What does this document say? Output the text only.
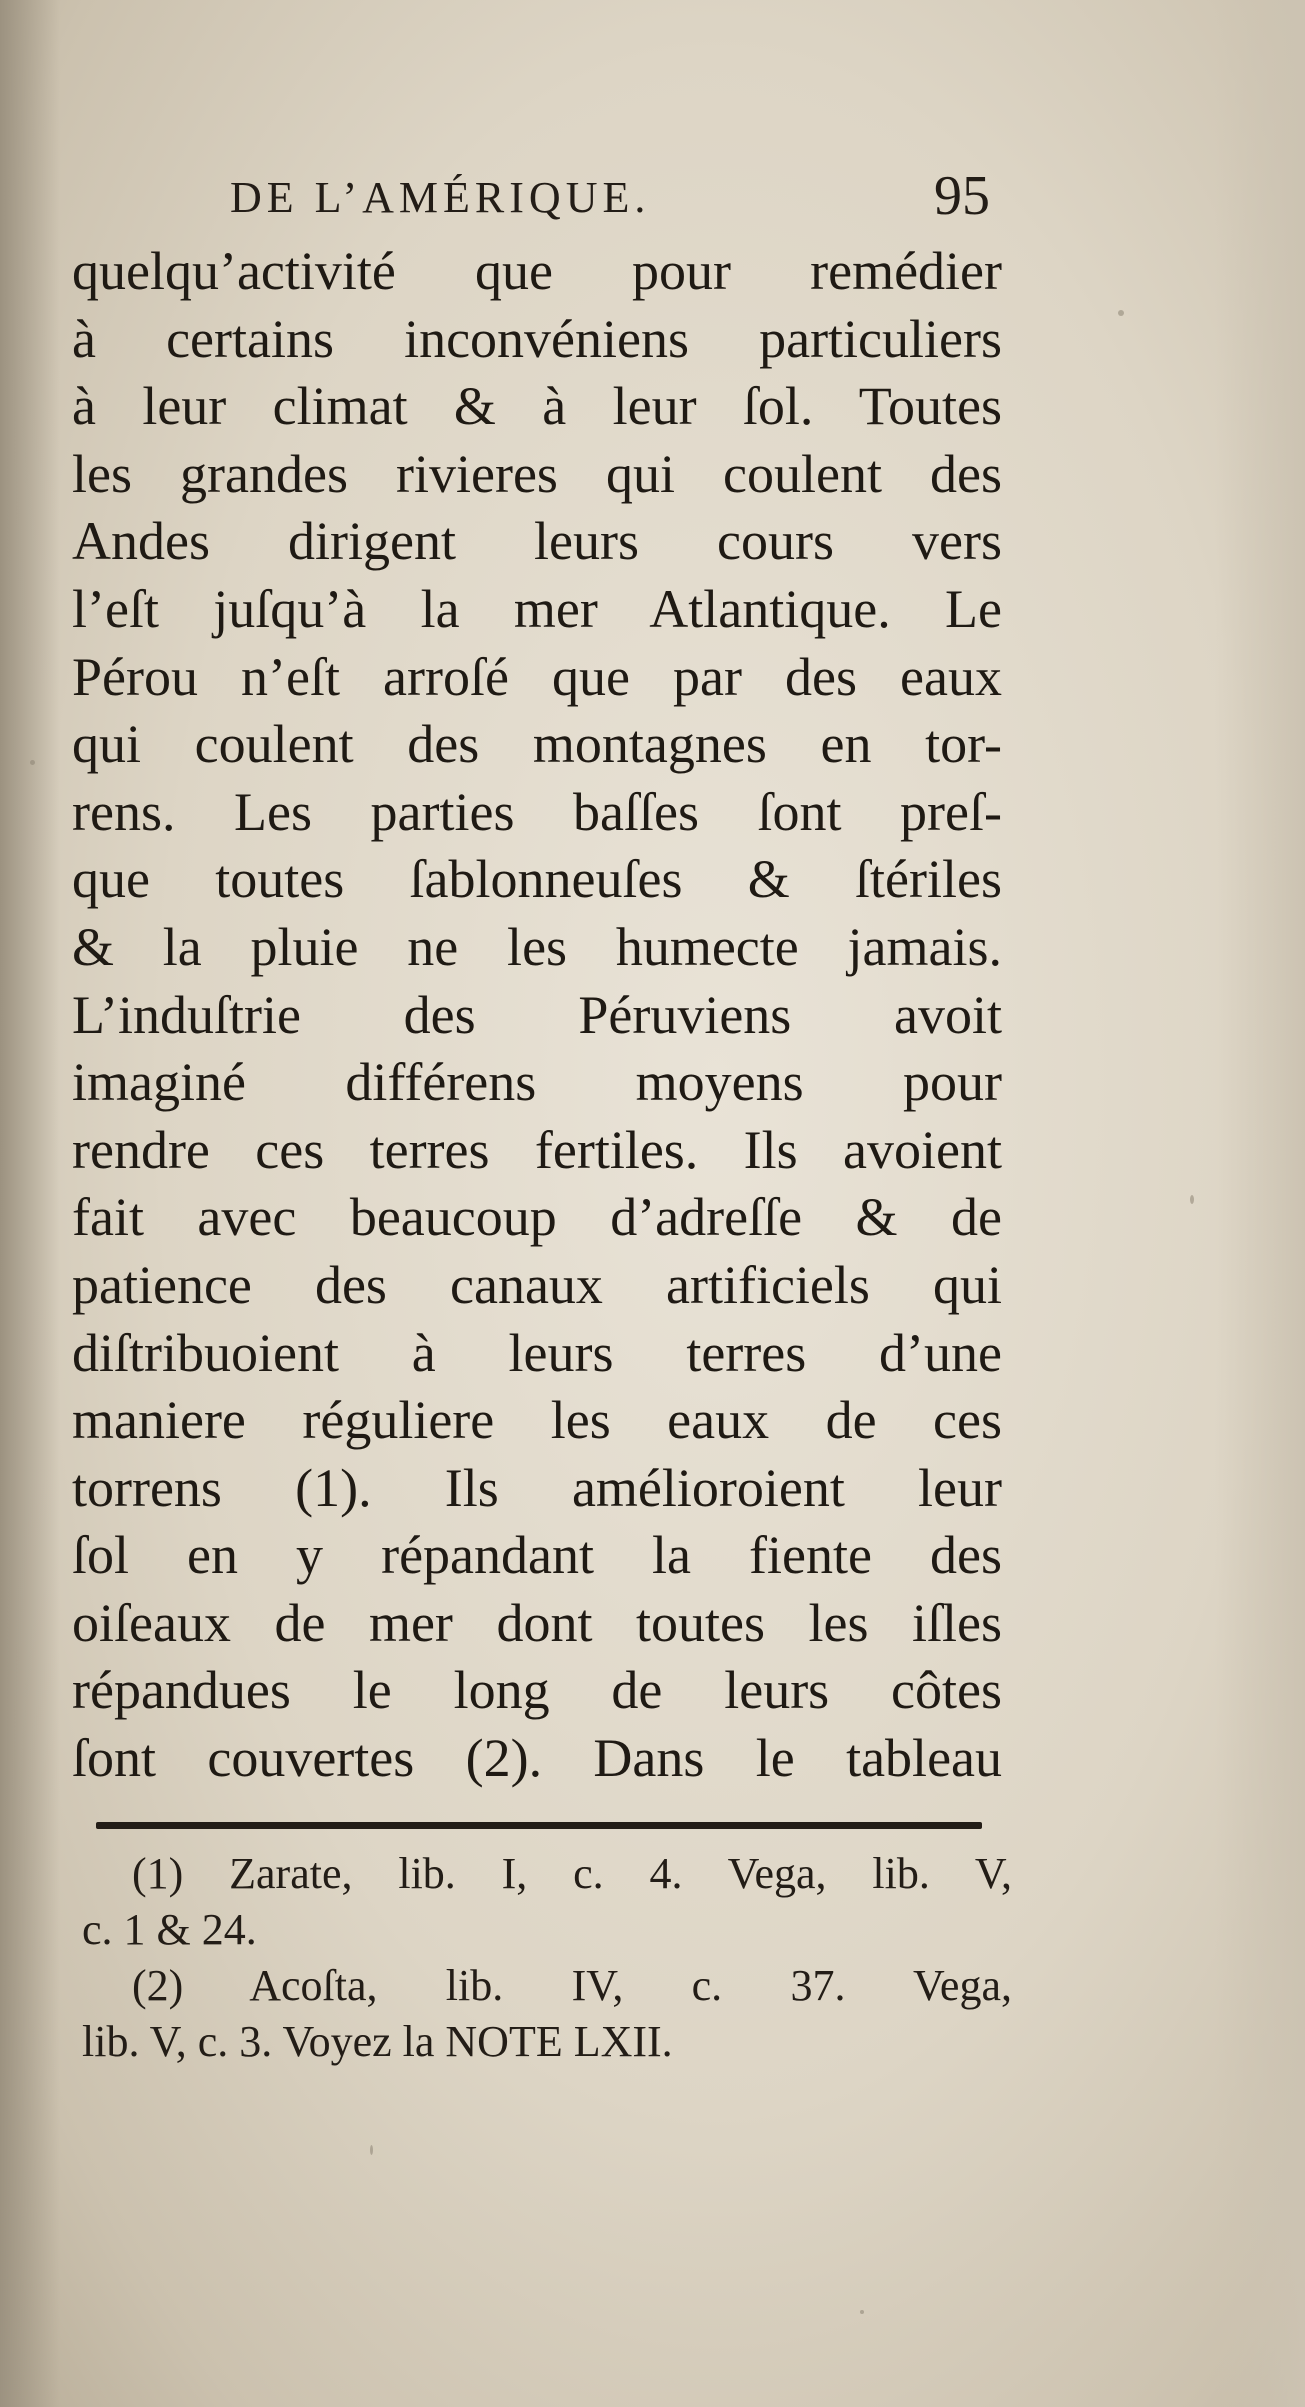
DE L’AMÉRIQUE.	95
quelqu’activité que pour remédier
à certains inconvéniens particuliers
à leur climat & à leur ſol. Toutes
les grandes rivieres qui coulent des
Andes dirigent leurs cours vers
l’eſt juſqu’à la mer Atlantique. Le
Pérou n’eſt arroſé que par des eaux
qui coulent des montagnes en tor-
rens. Les parties baſſes ſont preſ-
que toutes ſablonneuſes & ſtériles
& la pluie ne les humecte jamais.
L’induſtrie des Péruviens avoit
imaginé différens moyens pour
rendre ces terres fertiles. Ils avoient
fait avec beaucoup d’adreſſe & de
patience des canaux artificiels qui
diſtribuoient à leurs terres d’une
maniere réguliere les eaux de ces
torrens (1). Ils amélioroient leur
ſol en y répandant la fiente des
oiſeaux de mer dont toutes les iſles
répandues le long de leurs côtes
ſont couvertes (2). Dans le tableau
(1) Zarate, lib. I, c. 4. Vega, lib. V,
c. 1 & 24.
(2) Acoſta, lib. IV, c. 37. Vega,
lib. V, c. 3. Voyez la NOTE LXII.
